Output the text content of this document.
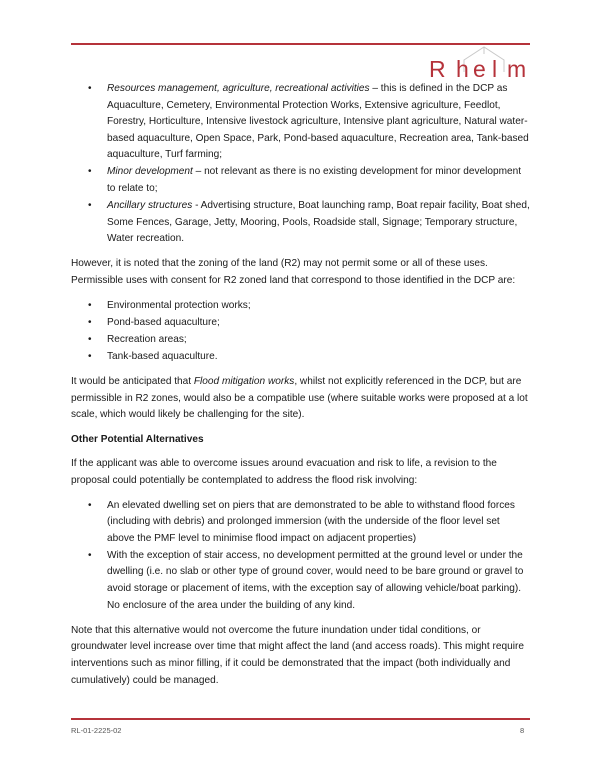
R h e l m
• Resources management, agriculture, recreational activities – this is defined in the DCP as Aquaculture, Cemetery, Environmental Protection Works, Extensive agriculture, Feedlot, Forestry, Horticulture, Intensive livestock agriculture, Intensive plant agriculture, Natural water-based aquaculture, Open Space, Park, Pond-based aquaculture, Recreation area, Tank-based aquaculture, Turf farming;
• Minor development – not relevant as there is no existing development for minor development to relate to;
• Ancillary structures - Advertising structure, Boat launching ramp, Boat repair facility, Boat shed, Some Fences, Garage, Jetty, Mooring, Pools, Roadside stall, Signage; Temporary structure, Water recreation.

However, it is noted that the zoning of the land (R2) may not permit some or all of these uses. Permissible uses with consent for R2 zoned land that correspond to those identified in the DCP are:

• Environmental protection works;
• Pond-based aquaculture;
• Recreation areas;
• Tank-based aquaculture.

It would be anticipated that Flood mitigation works, whilst not explicitly referenced in the DCP, but are permissible in R2 zones, would also be a compatible use (where suitable works were proposed at a lot scale, which would likely be challenging for the site).

Other Potential Alternatives

If the applicant was able to overcome issues around evacuation and risk to life, a revision to the proposal could potentially be contemplated to address the flood risk involving:

• An elevated dwelling set on piers that are demonstrated to be able to withstand flood forces (including with debris) and prolonged immersion (with the underside of the floor level set above the PMF level to minimise flood impact on adjacent properties)
• With the exception of stair access, no development permitted at the ground level or under the dwelling (i.e. no slab or other type of ground cover, would need to be bare ground or gravel to avoid storage or placement of items, with the exception say of allowing vehicle/boat parking). No enclosure of the area under the building of any kind.

Note that this alternative would not overcome the future inundation under tidal conditions, or groundwater level increase over time that might affect the land (and access roads). This might require interventions such as minor filling, if it could be demonstrated that the impact (both individually and cumulatively) could be managed.

RL-01-2225-02	8
